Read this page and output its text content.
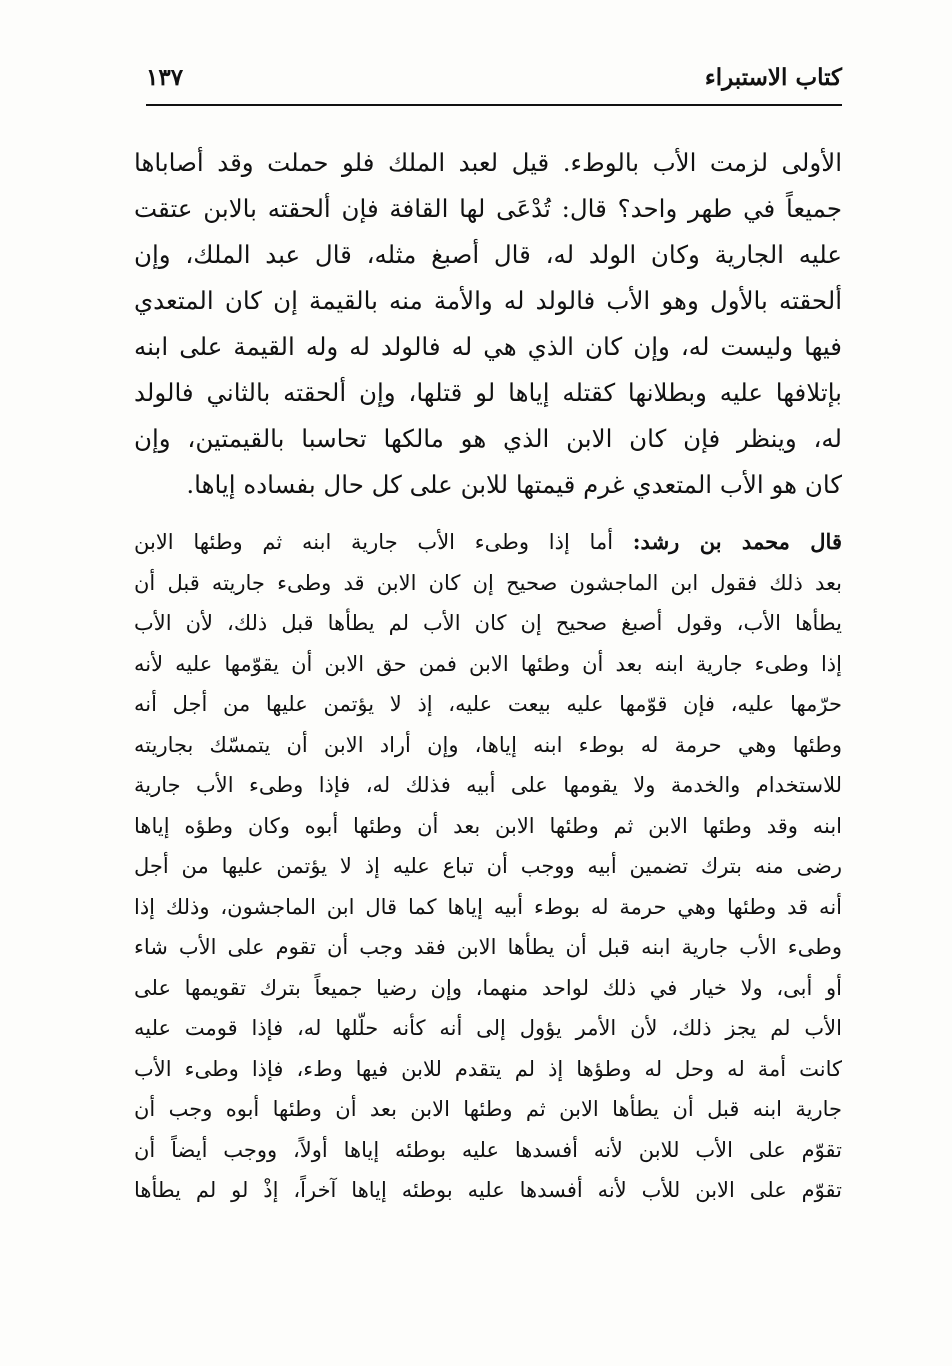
كتاب الاستبراء
١٣٧
الأولى لزمت الأب بالوطء. قيل لعبد الملك فلو حملت وقد أصاباها
جميعاً في طهر واحد؟ قال: تُدْعَى لها القافة فإن ألحقته بالابن عتقت
عليه الجارية وكان الولد له، قال أصبغ مثله، قال عبد الملك، وإن
ألحقته بالأول وهو الأب فالولد له والأمة منه بالقيمة إن كان المتعدي
فيها وليست له، وإن كان الذي هي له فالولد له وله القيمة على ابنه
بإتلافها عليه وبطلانها كقتله إياها لو قتلها، وإن ألحقته بالثاني فالولد
له، وينظر فإن كان الابن الذي هو مالكها تحاسبا بالقيمتين، وإن
كان هو الأب المتعدي غرم قيمتها للابن على كل حال بفساده إياها.
قال محمد بن رشد: أما إذا وطىء الأب جارية ابنه ثم وطئها الابن
بعد ذلك فقول ابن الماجشون صحيح إن كان الابن قد وطىء جاريته قبل أن
يطأها الأب، وقول أصبغ صحيح إن كان الأب لم يطأها قبل ذلك، لأن الأب
إذا وطىء جارية ابنه بعد أن وطئها الابن فمن حق الابن أن يقوّمها عليه لأنه
حرّمها عليه، فإن قوّمها عليه بيعت عليه، إذ لا يؤتمن عليها من أجل أنه
وطئها وهي حرمة له بوطء ابنه إياها، وإن أراد الابن أن يتمسّك بجاريته
للاستخدام والخدمة ولا يقومها على أبيه فذلك له، فإذا وطىء الأب جارية
ابنه وقد وطئها الابن ثم وطئها الابن بعد أن وطئها أبوه وكان وطؤه إياها
رضى منه بترك تضمين أبيه ووجب أن تباع عليه إذ لا يؤتمن عليها من أجل
أنه قد وطئها وهي حرمة له بوطء أبيه إياها كما قال ابن الماجشون، وذلك إذا
وطىء الأب جارية ابنه قبل أن يطأها الابن فقد وجب أن تقوم على الأب شاء
أو أبى، ولا خيار في ذلك لواحد منهما، وإن رضيا جميعاً بترك تقويمها على
الأب لم يجز ذلك، لأن الأمر يؤول إلى أنه كأنه حلّلها له، فإذا قومت عليه
كانت أمة له وحل له وطؤها إذ لم يتقدم للابن فيها وطء، فإذا وطىء الأب
جارية ابنه قبل أن يطأها الابن ثم وطئها الابن بعد أن وطئها أبوه وجب أن
تقوّم على الأب للابن لأنه أفسدها عليه بوطئه إياها أولاً، ووجب أيضاً أن
تقوّم على الابن للأب لأنه أفسدها عليه بوطئه إياها آخراً، إذْ لو لم يطأها
